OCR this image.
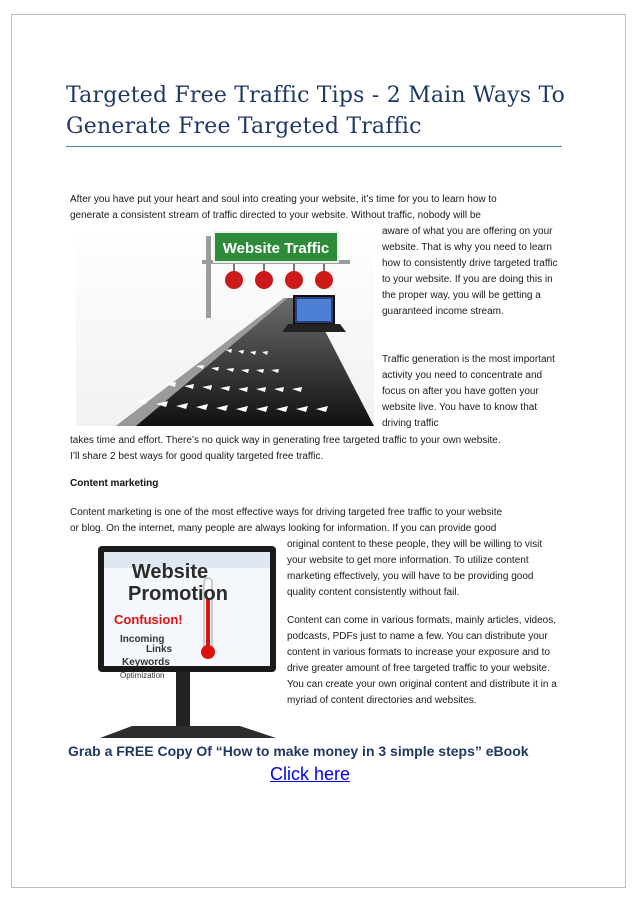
Targeted Free Traffic Tips - 2 Main Ways To Generate Free Targeted Traffic
After you have put your heart and soul into creating your website, it’s time for you to learn how to
generate a consistent stream of traffic directed to your website. Without traffic, nobody will be
Website Traffic

aware of what you are offering on your website. That is why you need to learn how to consistently drive targeted traffic to your website. If you are doing this in the proper way, you will be getting a guaranteed income stream.

Traffic generation is the most important activity you need to concentrate and focus on after you have gotten your website live. You have to know that driving traffic

takes time and effort. There’s no quick way in generating free targeted traffic to your own website.
I’ll share 2 best ways for good quality targeted free traffic.
Content marketing
Content marketing is one of the most effective ways for driving targeted free traffic to your website
or blog. On the internet, many people are always looking for information. If you can provide good
Website
Promotion
Confusion!
Incoming
Links
Keywords
Optimization

original content to these people, they will be willing to visit your website to get more information. To utilize content marketing effectively, you will have to be providing good quality content consistently without fail.

Content can come in various formats, mainly articles, videos, podcasts, PDFs just to name a few. You can distribute your content in various formats to increase your exposure and to drive greater amount of free targeted traffic to your website. You can create your own original content and distribute it in a myriad of content directories and websites.

Grab a FREE Copy Of “How to make money in 3 simple steps” eBook
Click here
